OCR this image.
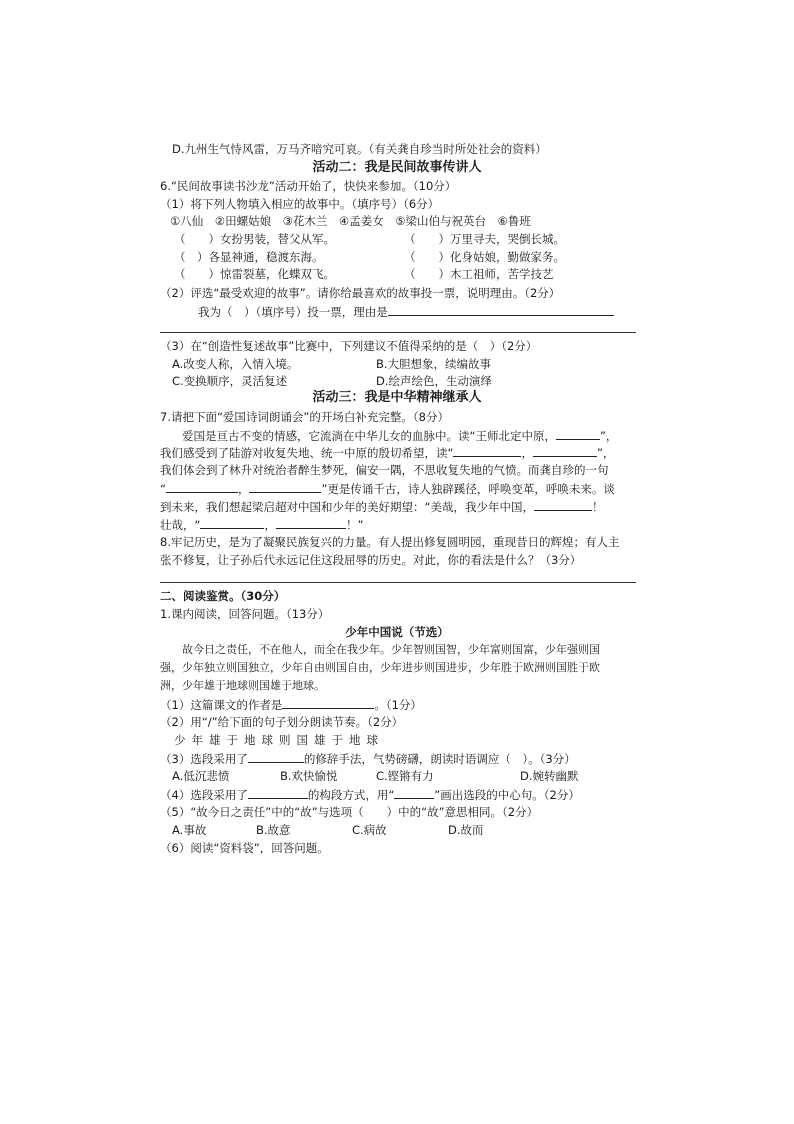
D.九州生气恃风雷，万马齐喑究可哀。（有关龚自珍当时所处社会的资料）
活动二：我是民间故事传讲人
6.“民间故事读书沙龙”活动开始了，快快来参加。（10分）
（1）将下列人物填入相应的故事中。（填序号）（6分）
①八仙　②田螺姑娘　③花木兰　④孟姜女　⑤梁山伯与祝英台　⑥鲁班
（　　）女扮男装，替父从军。	（　　）万里寻夫，哭倒长城。
（　）各显神通，稳渡东海。	（　　）化身姑娘，勤做家务。
（　　）惊雷裂墓，化蝶双飞。	（　　）木工祖师，苦学技艺
（2）评选“最受欢迎的故事”。请你给最喜欢的故事投一票，说明理由。（2分）
我为（　）（填序号）投一票，理由是
（3）在“创造性复述故事”比赛中，下列建议不值得采纳的是（　）（2分）
A.改变人称，入情入境。	B.大胆想象，续编故事
C.变换顺序，灵活复述	D.绘声绘色，生动演绎
活动三：我是中华精神继承人
7.请把下面“爱国诗词朗诵会”的开场白补充完整。（8分）
爱国是亘古不变的情感，它流淌在中华儿女的血脉中。读“王师北定中原，	”，
我们感受到了陆游对收复失地、统一中原的殷切希望，读“	，	”，
我们体会到了林升对统治者醉生梦死，偏安一隅，不思收复失地的气愤。而龚自珍的一句
“	，	”更是传诵千古，诗人独辟蹊径，呼唤变革，呼唤未来。谈
到未来，我们想起梁启超对中国和少年的美好期望：“美哉，我少年中国，	！
壮哉，“	，	！”
8.牢记历史，是为了凝聚民族复兴的力量。有人提出修复圆明园，重现昔日的辉煌；有人主
张不修复，让子孙后代永远记住这段屈辱的历史。对此，你的看法是什么？（3分）
二、阅读鉴赏。（30分）
1.课内阅读，回答问题。（13分）
少年中国说（节选）
故今日之责任，不在他人，而全在我少年。少年智则国智，少年富则国富，少年强则国
强，少年独立则国独立，少年自由则国自由，少年进步则国进步，少年胜于欧洲则国胜于欧
洲，少年雄于地球则国雄于地球。
（1）这篇课文的作者是	。（1分）
（2）用“/”给下面的句子划分朗读节奏。（2分）
少年雄于地球则国雄于地球
（3）选段采用了	的修辞手法，气势磅礴，朗读时语调应（　）。（3分）
A.低沉悲愤	B.欢快愉悦	C.铿锵有力	D.婉转幽默
（4）选段采用了	的构段方式，用“	”画出选段的中心句。（2分）
（5）“故今日之责任”中的“故”与选项（　　）中的“故”意思相同。（2分）
A.事故	B.故意	C.病故	D.故而
（6）阅读“资料袋”，回答问题。
